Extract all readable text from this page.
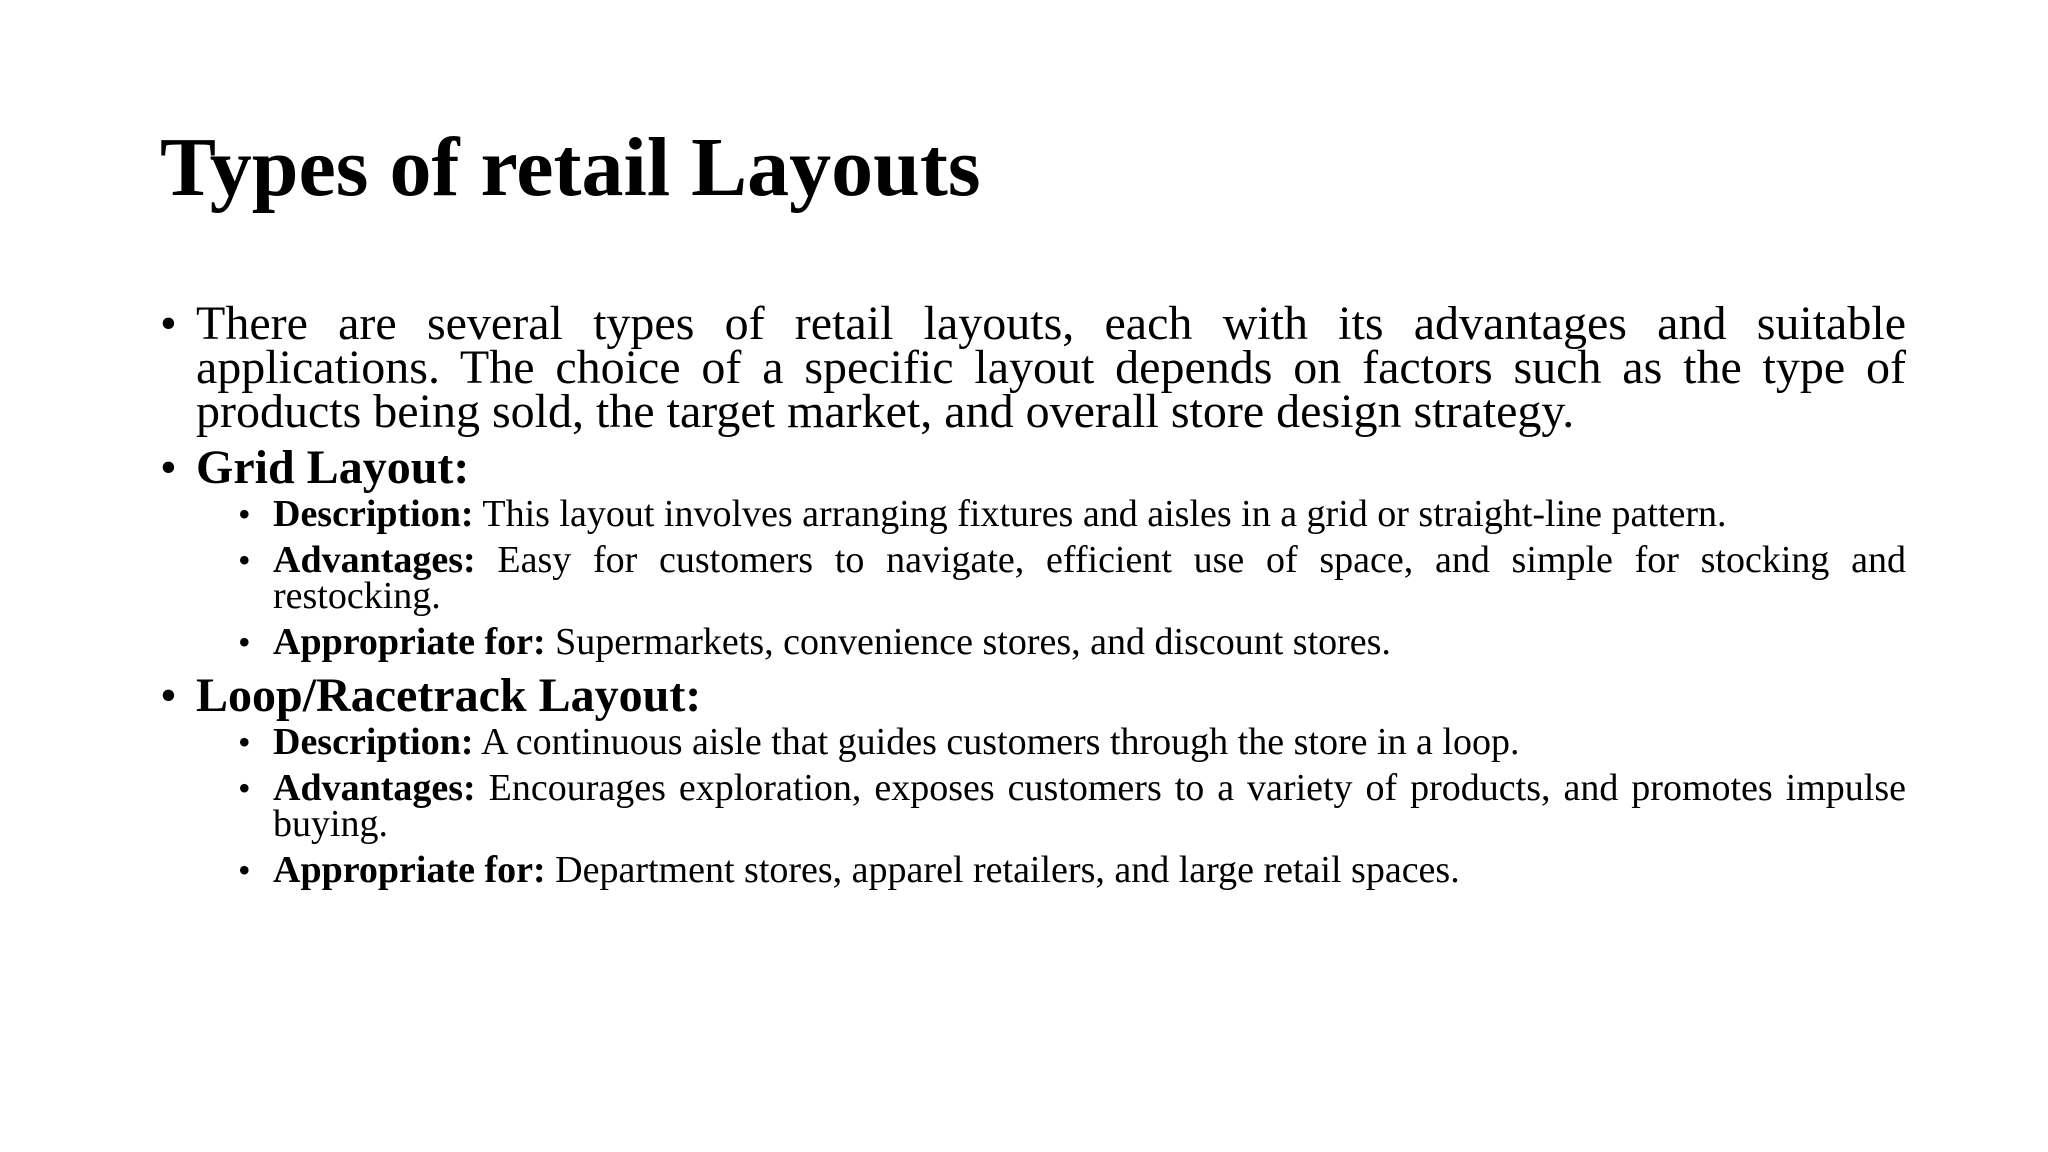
Types of retail Layouts
• There are several types of retail layouts, each with its advantages and suitable applications. The choice of a specific layout depends on factors such as the type of products being sold, the target market, and overall store design strategy.
• Grid Layout:
• Description: This layout involves arranging fixtures and aisles in a grid or straight-line pattern.
• Advantages: Easy for customers to navigate, efficient use of space, and simple for stocking and restocking.
• Appropriate for: Supermarkets, convenience stores, and discount stores.
• Loop/Racetrack Layout:
• Description: A continuous aisle that guides customers through the store in a loop.
• Advantages: Encourages exploration, exposes customers to a variety of products, and promotes impulse buying.
• Appropriate for: Department stores, apparel retailers, and large retail spaces.
